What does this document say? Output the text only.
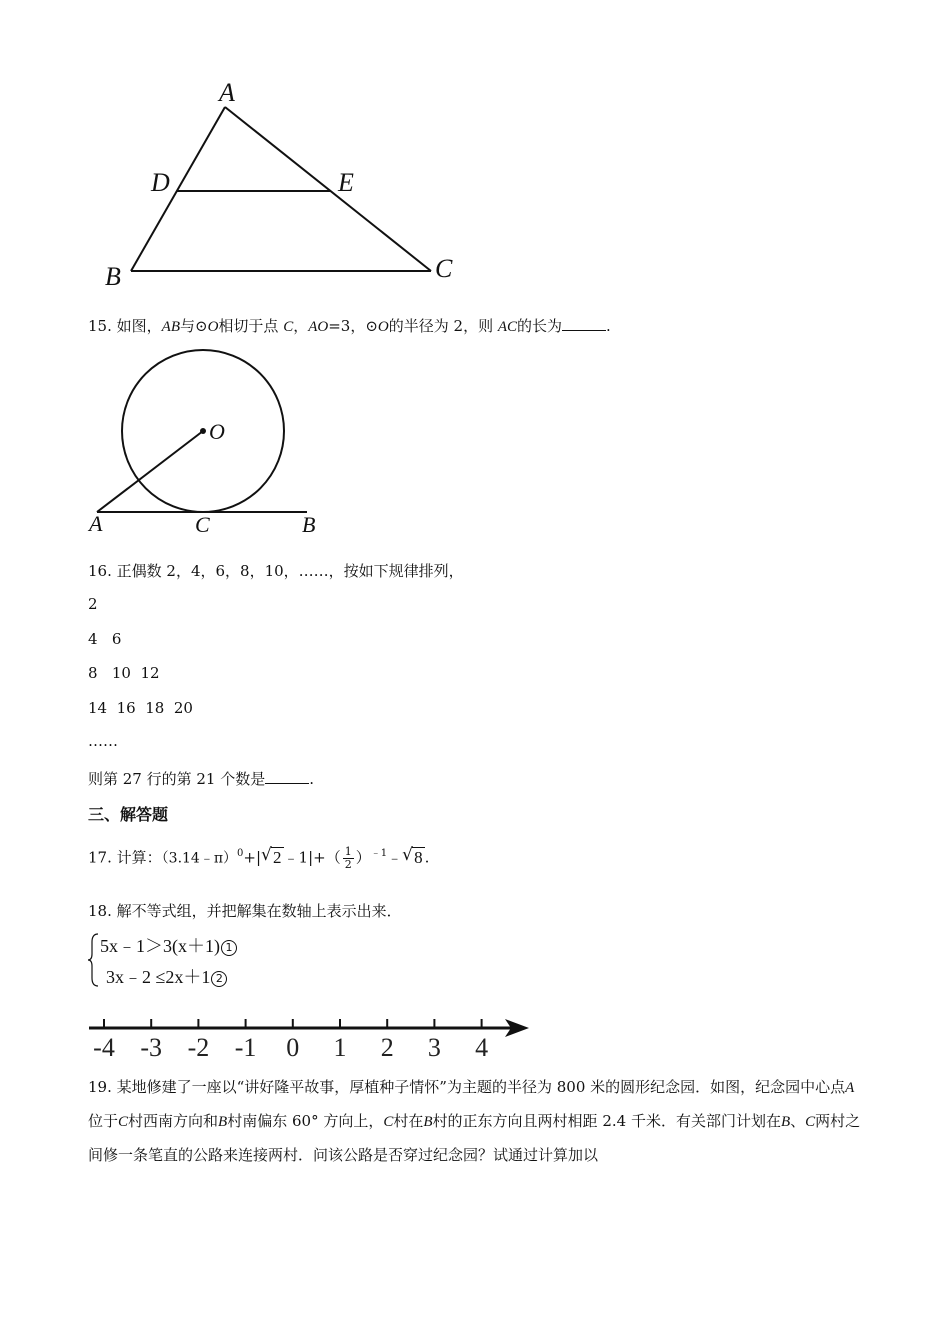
A
D	E
B	C
15. 如图，AB与⊙O相切于点 C，AO=3，⊙O的半径为 2，则 AC的长为	.
O
A	C	B
16. 正偶数 2，4，6，8，10，……，按如下规律排列，
2
4   6
8   10  12
14  16  18  20
……
则第 27 行的第 21 个数是	.
三、解答题
17. 计算：（3.14﹣π）$^0$+| √ 2 ﹣1|+（ $\frac{1}{2}$ ）$^{﹣1}$﹣ √ 8 .
18. 解不等式组，并把解集在数轴上表示出来．
5x﹣1＞3(x＋1) 1
3x﹣2 ≤2x＋1 2
-4 -3 -2 -1 0 1 2 3 4
19. 某地修建了一座以“讲好隆平故事，厚植种子情怀”为主题的半径为 800 米的圆形纪念园．如图，纪念园中心点A位于C村西南方向和B村南偏东 60° 方向上，C村在B村的正东方向且两村相距 2.4 千米．有关部门计划在B、C两村之间修一条笔直的公路来连接两村．问该公路是否穿过纪念园？试通过计算加以
